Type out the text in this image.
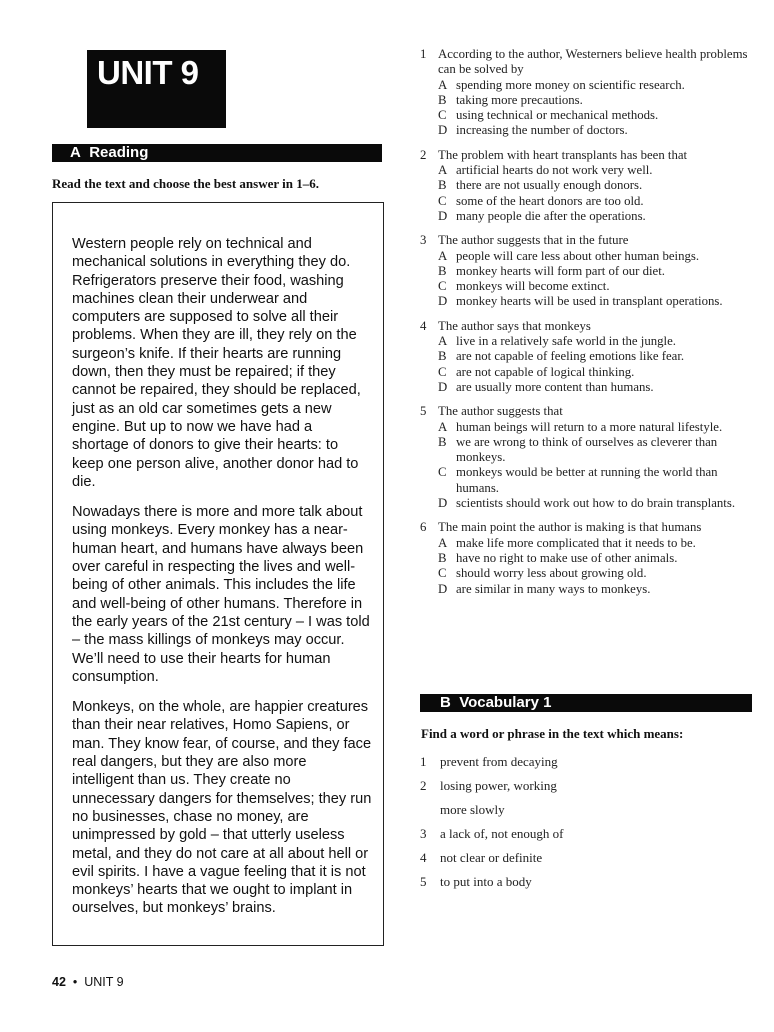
UNIT 9
A Reading
Read the text and choose the best answer in 1–6.

Western people rely on technical and mechanical solutions in everything they do. Refrigerators preserve their food, washing machines clean their underwear and computers are supposed to solve all their problems. When they are ill, they rely on the surgeon’s knife. If their hearts are running down, then they must be repaired; if they cannot be repaired, they should be replaced, just as an old car sometimes gets a new engine. But up to now we have had a shortage of donors to give their hearts: to keep one person alive, another donor had to die.

Nowadays there is more and more talk about using monkeys. Every monkey has a near-human heart, and humans have always been over careful in respecting the lives and well-being of other animals. This includes the life and well-being of other humans. Therefore in the early years of the 21st century – I was told – the mass killings of monkeys may occur. We’ll need to use their hearts for human consumption.

Monkeys, on the whole, are happier creatures than their near relatives, Homo Sapiens, or man. They know fear, of course, and they face real dangers, but they are also more intelligent than us. They create no unnecessary dangers for themselves; they run no businesses, chase no money, are unimpressed by gold – that utterly useless metal, and they do not care at all about hell or evil spirits. I have a vague feeling that it is not monkeys’ hearts that we ought to implant in ourselves, but monkeys’ brains.

1 According to the author, Westerners believe health problems can be solved by
A spending more money on scientific research.
B taking more precautions.
C using technical or mechanical methods.
D increasing the number of doctors.
2 The problem with heart transplants has been that
A artificial hearts do not work very well.
B there are not usually enough donors.
C some of the heart donors are too old.
D many people die after the operations.
3 The author suggests that in the future
A people will care less about other human beings.
B monkey hearts will form part of our diet.
C monkeys will become extinct.
D monkey hearts will be used in transplant operations.
4 The author says that monkeys
A live in a relatively safe world in the jungle.
B are not capable of feeling emotions like fear.
C are not capable of logical thinking.
D are usually more content than humans.
5 The author suggests that
A human beings will return to a more natural lifestyle.
B we are wrong to think of ourselves as cleverer than monkeys.
C monkeys would be better at running the world than humans.
D scientists should work out how to do brain transplants.
6 The main point the author is making is that humans
A make life more complicated that it needs to be.
B have no right to make use of other animals.
C should worry less about growing old.
D are similar in many ways to monkeys.
B Vocabulary 1
Find a word or phrase in the text which means:
1 prevent from decaying
2 losing power, working
more slowly
3 a lack of, not enough of
4 not clear or definite
5 to put into a body
42 • UNIT 9
